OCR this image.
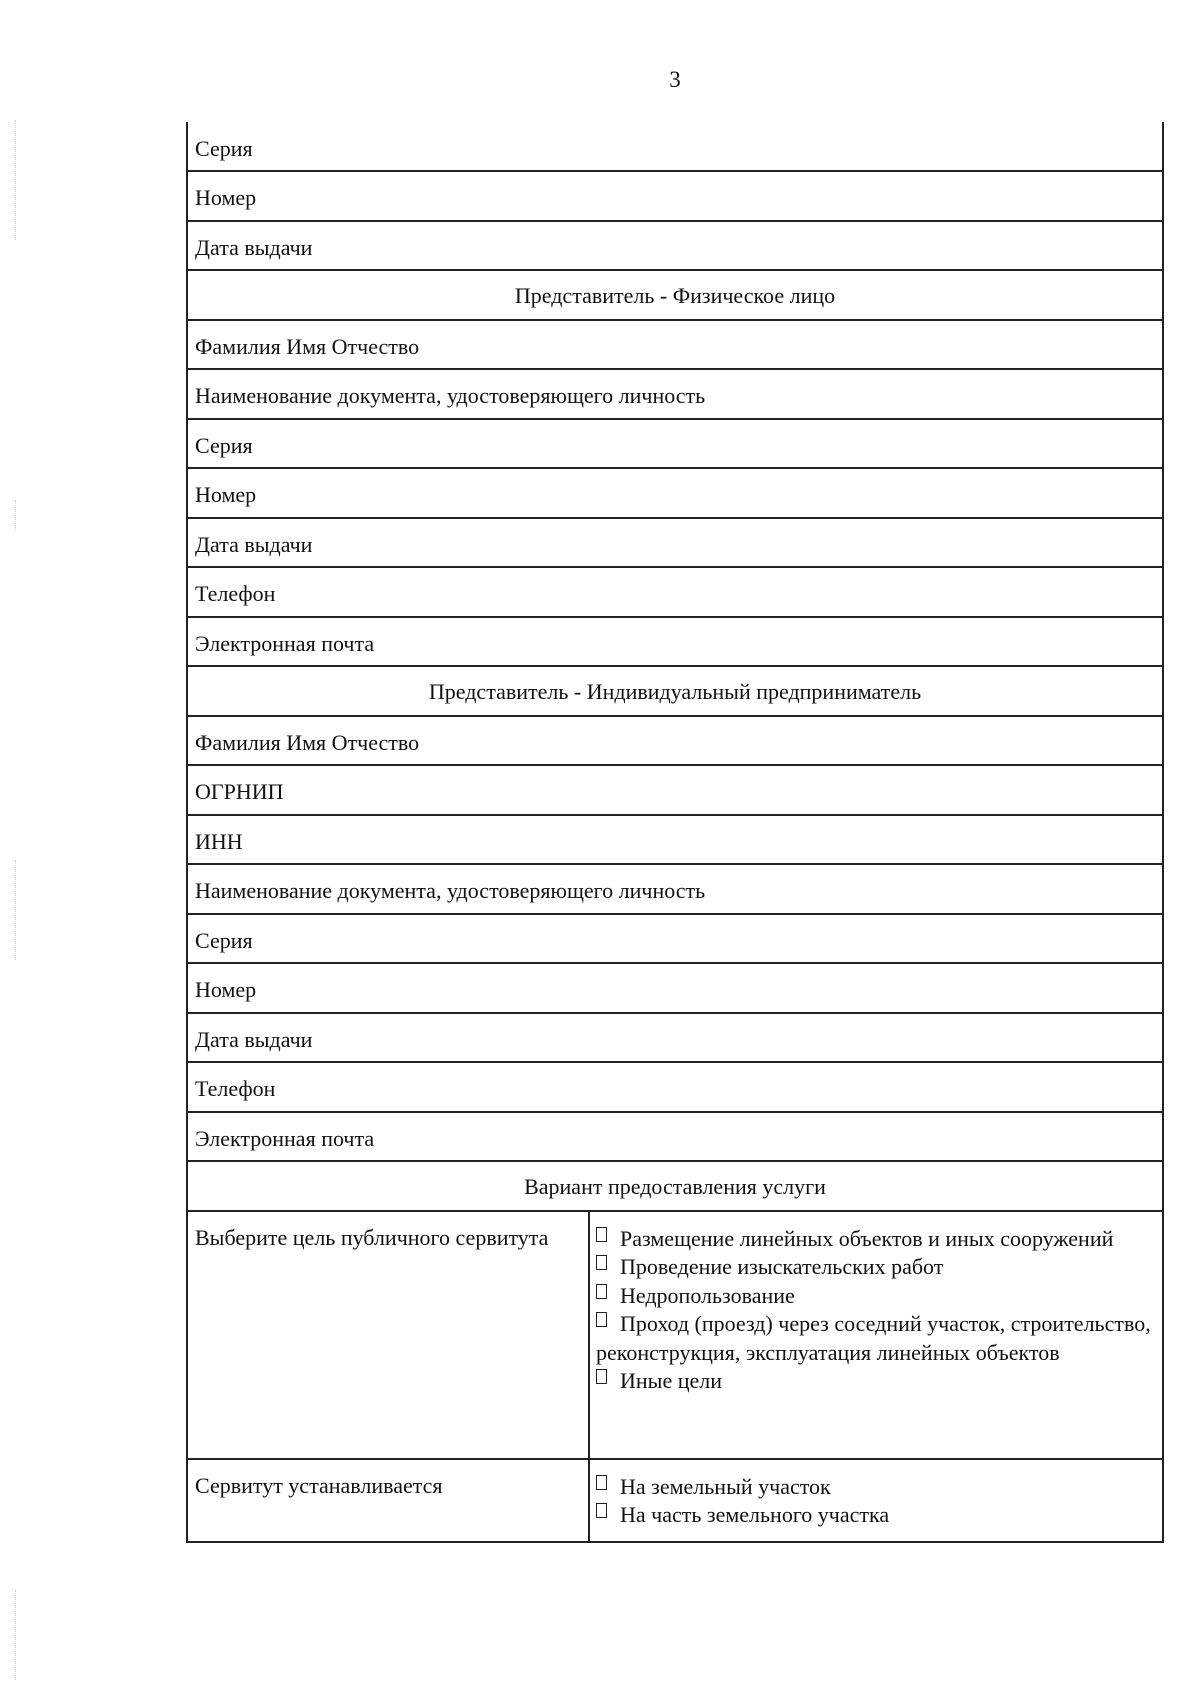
3
Серия
Номер
Дата выдачи
Представитель - Физическое лицо
Фамилия Имя Отчество
Наименование документа, удостоверяющего личность
Серия
Номер
Дата выдачи
Телефон
Электронная почта
Представитель - Индивидуальный предприниматель
Фамилия Имя Отчество
ОГРНИП
ИНН
Наименование документа, удостоверяющего личность
Серия
Номер
Дата выдачи
Телефон
Электронная почта
Вариант предоставления услуги
Выберите цель публичного сервитута	Размещение линейных объектов и иных сооружений
Проведение изыскательских работ
Недропользование
Проход (проезд) через соседний участок, строительство, реконструкция, эксплуатация линейных объектов
Иные цели
Сервитут устанавливается	На земельный участок
На часть земельного участка
